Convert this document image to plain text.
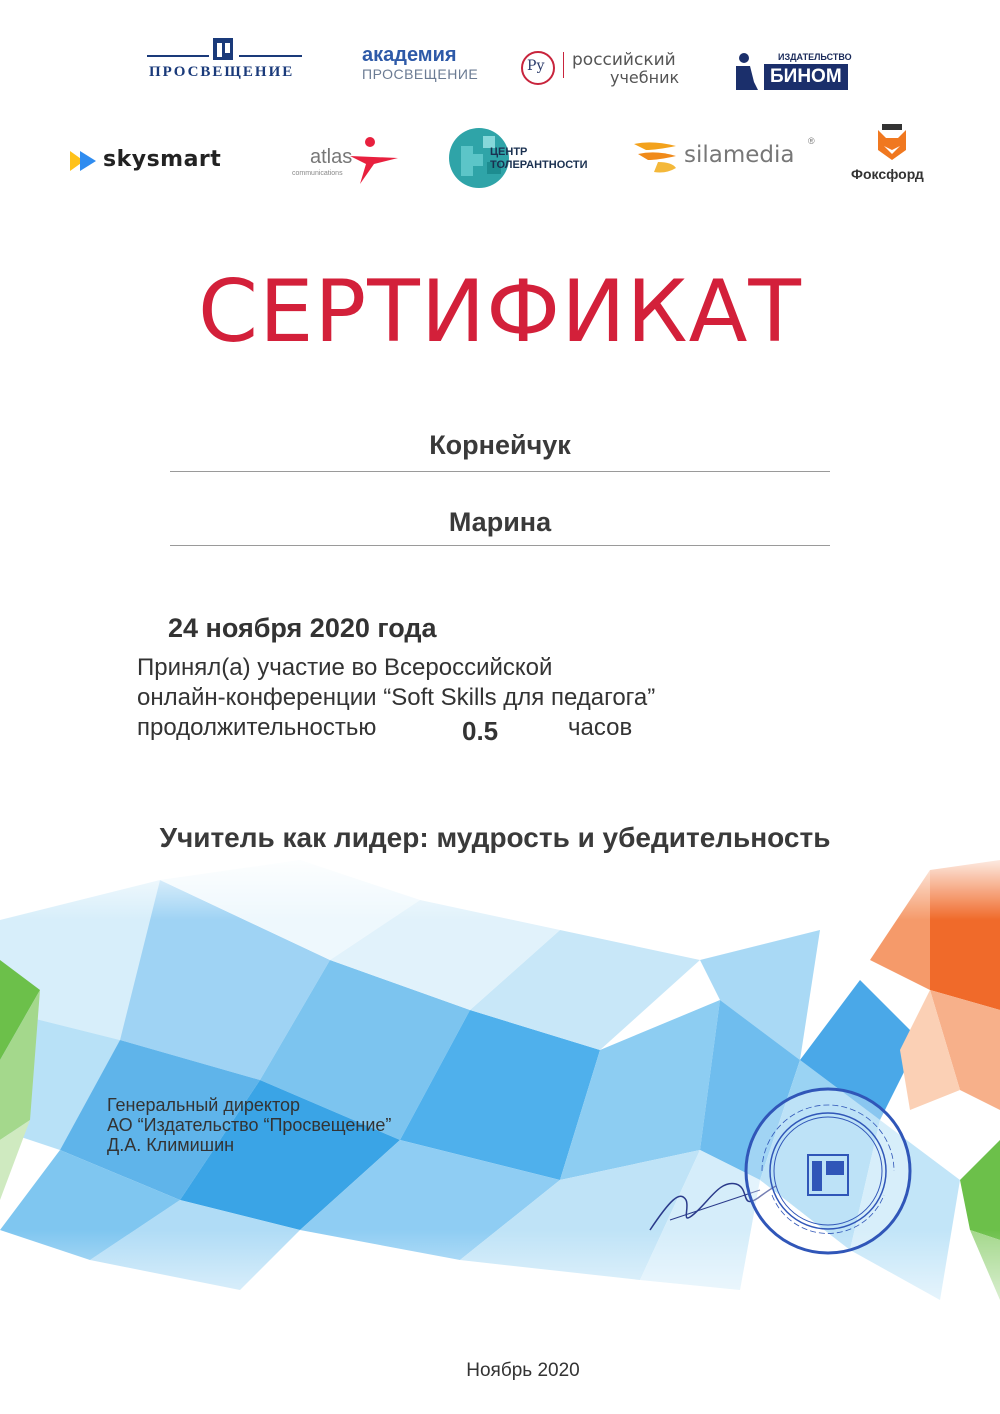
ПРОСВЕЩЕНИЕ
академия
ПРОСВЕЩЕНИЕ	Ру российский
учебник
ИЗДАТЕЛЬСТВО
БИНОМ
skysmart	atlas
communications
ЦЕНТР
ТОЛЕРАНТНОСТИ	silamedia
®
Фоксфорд
СЕРТИФИКАТ
Корнейчук
Марина
24 ноября 2020 года
Принял(а) участие во Всероссийской
онлайн-конференции “Soft Skills для педагога”
продолжительностью	0.5	часов
Учитель как лидер: мудрость и убедительность
Генеральный директор
АО “Издательство “Просвещение”
Д.А. Климишин
Ноябрь 2020
